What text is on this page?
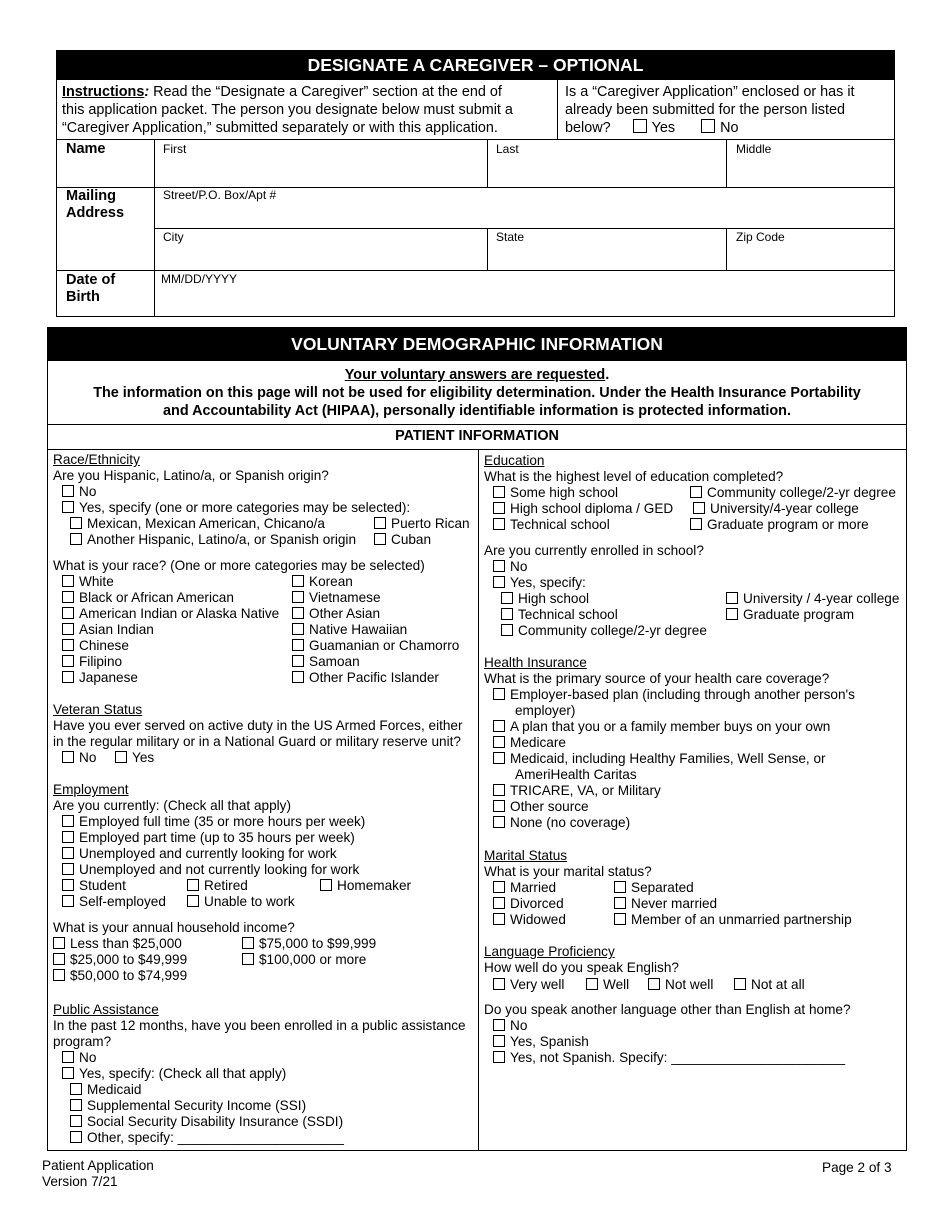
DESIGNATE A CAREGIVER – OPTIONAL
Instructions: Read the “Designate a Caregiver” section at the end of
this application packet. The person you designate below must submit a
“Caregiver Application,” submitted separately or with this application.
Is a “Caregiver Application” enclosed or has it
already been submitted for the person listed
below?	Yes	No
Name	First	Last	Middle
Mailing
Address
Street/P.O. Box/Apt #
City	State	Zip Code
Date of
Birth
MM/DD/YYYY
VOLUNTARY DEMOGRAPHIC INFORMATION
Your voluntary answers are requested.
The information on this page will not be used for eligibility determination. Under the Health Insurance Portability
and Accountability Act (HIPAA), personally identifiable information is protected information.
PATIENT INFORMATION
Race/Ethnicity
Are you Hispanic, Latino/a, or Spanish origin?
No
Yes, specify (one or more categories may be selected):
Mexican, Mexican American, Chicano/a	Puerto Rican
Another Hispanic, Latino/a, or Spanish origin	Cuban
What is your race? (One or more categories may be selected)
White
Black or African American
American Indian or Alaska Native
Asian Indian
Chinese
Filipino
Japanese
Korean
Vietnamese
Other Asian
Native Hawaiian
Guamanian or Chamorro
Samoan
Other Pacific Islander
Veteran Status
Have you ever served on active duty in the US Armed Forces, either
in the regular military or in a National Guard or military reserve unit?
No	Yes
Employment
Are you currently: (Check all that apply)
Employed full time (35 or more hours per week)
Employed part time (up to 35 hours per week)
Unemployed and currently looking for work
Unemployed and not currently looking for work
Student	Retired	Homemaker
Self-employed	Unable to work
What is your annual household income?
Less than $25,000
$25,000 to $49,999
$50,000 to $74,999
$75,000 to $99,999
$100,000 or more
Public Assistance
In the past 12 months, have you been enrolled in a public assistance
program?
No
Yes, specify: (Check all that apply)
Medicaid
Supplemental Security Income (SSI)
Social Security Disability Insurance (SSDI)
Other, specify: ______________________
Education
What is the highest level of education completed?
Some high school	Community college/2-yr degree
High school diploma / GED	University/4-year college
Technical school	Graduate program or more
Are you currently enrolled in school?
No
Yes, specify:
High school	University / 4-year college
Technical school	Graduate program
Community college/2-yr degree
Health Insurance
What is the primary source of your health care coverage?
Employer-based plan (including through another person's
employer)
A plan that you or a family member buys on your own
Medicare
Medicaid, including Healthy Families, Well Sense, or
AmeriHealth Caritas
TRICARE, VA, or Military
Other source
None (no coverage)
Marital Status
What is your marital status?
Married	Separated
Divorced	Never married
Widowed	Member of an unmarried partnership
Language Proficiency
How well do you speak English?
Very well	Well	Not well	Not at all
Do you speak another language other than English at home?
No
Yes, Spanish
Yes, not Spanish. Specify: _______________________
Patient Application
Version 7/21
Page 2 of 3
